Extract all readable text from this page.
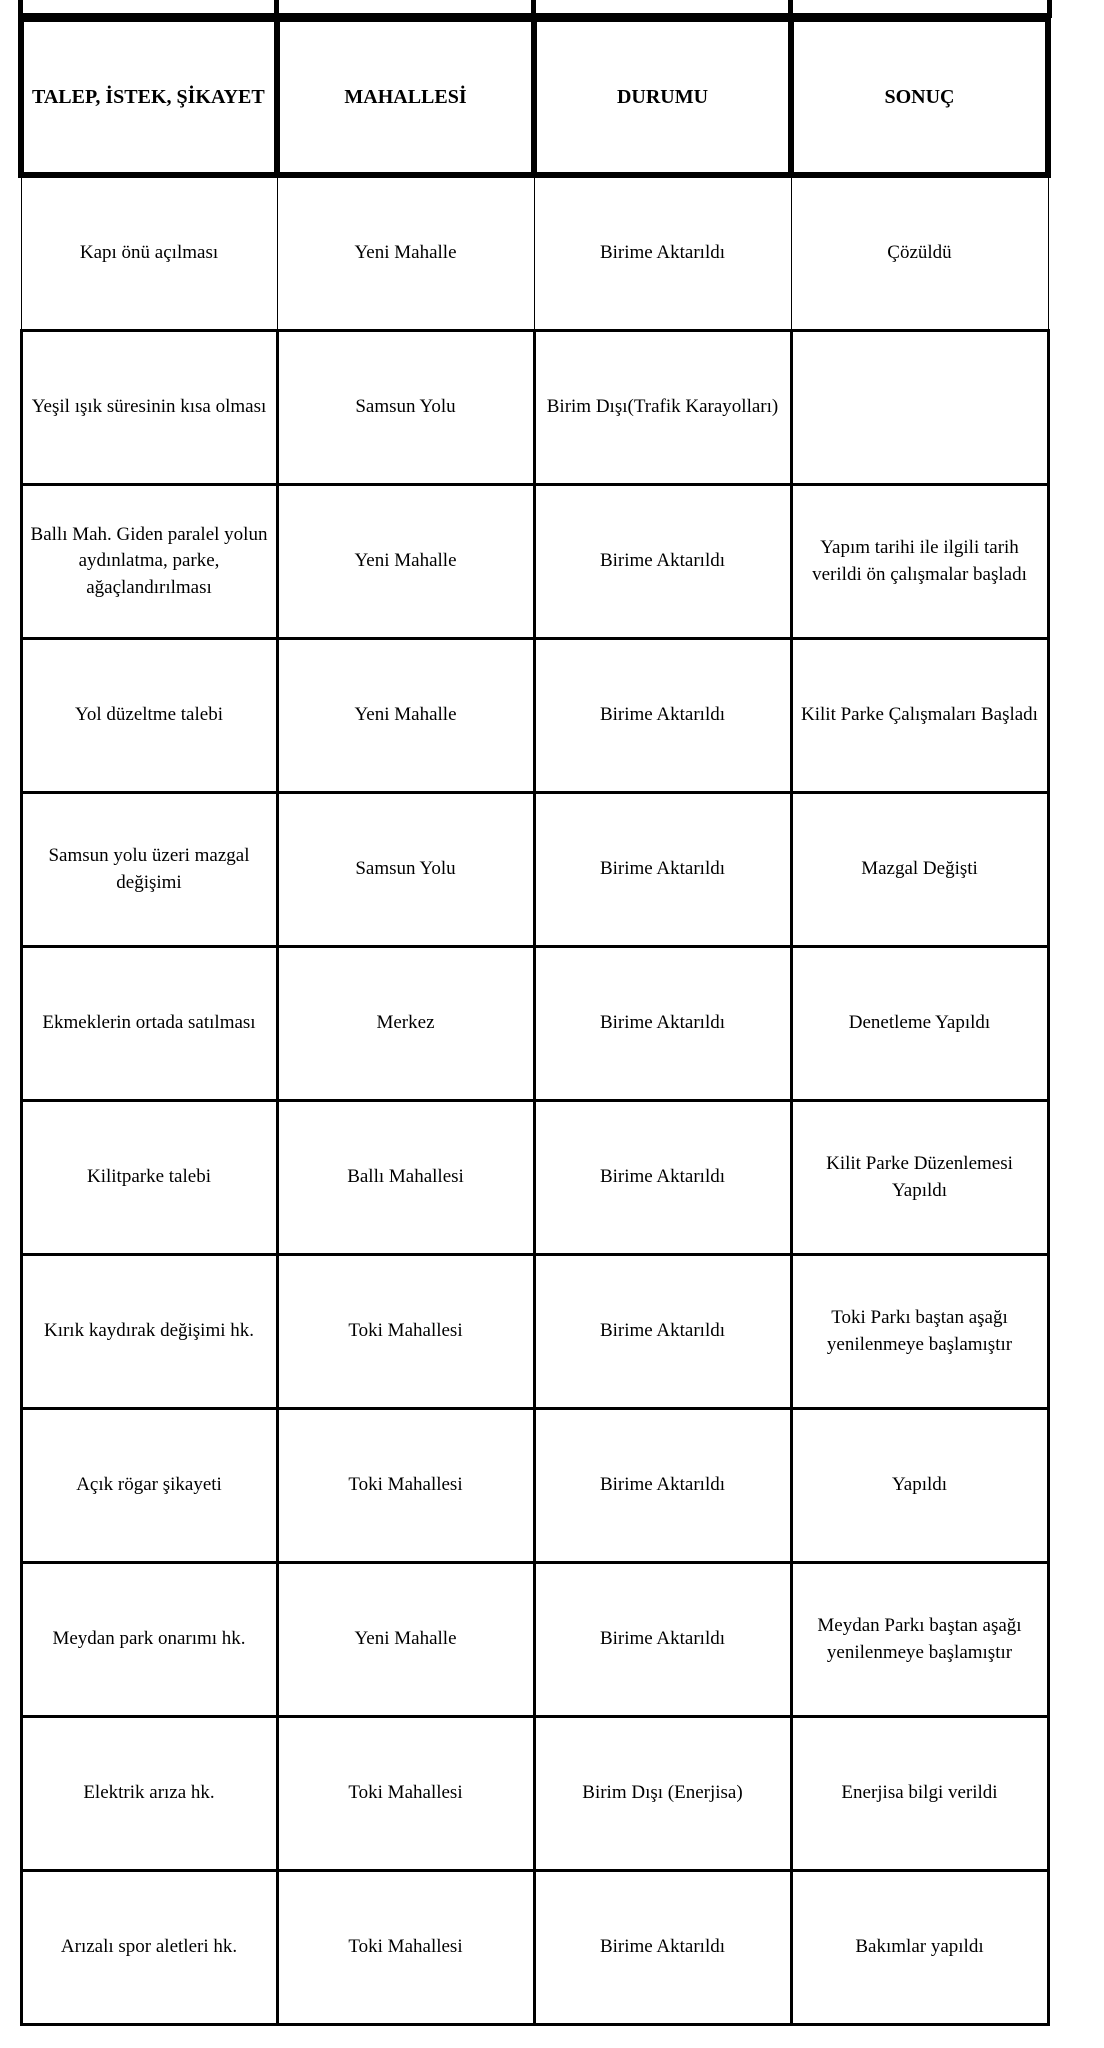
TALEP, İSTEK, ŞİKAYET	MAHALLESİ	DURUMU	SONUÇ
Kapı önü açılması	Yeni Mahalle	Birime Aktarıldı	Çözüldü
Yeşil ışık süresinin kısa olması	Samsun Yolu	Birim Dışı(Trafik Karayolları)	
Ballı Mah. Giden paralel yolun aydınlatma, parke, ağaçlandırılması	Yeni Mahalle	Birime Aktarıldı	Yapım tarihi ile ilgili tarih verildi ön çalışmalar başladı
Yol düzeltme talebi	Yeni Mahalle	Birime Aktarıldı	Kilit Parke Çalışmaları Başladı
Samsun yolu üzeri mazgal değişimi	Samsun Yolu	Birime Aktarıldı	Mazgal Değişti
Ekmeklerin ortada satılması	Merkez	Birime Aktarıldı	Denetleme Yapıldı
Kilitparke talebi	Ballı Mahallesi	Birime Aktarıldı	Kilit Parke Düzenlemesi Yapıldı
Kırık kaydırak değişimi hk.	Toki Mahallesi	Birime Aktarıldı	Toki Parkı baştan aşağı yenilenmeye başlamıştır
Açık rögar şikayeti	Toki Mahallesi	Birime Aktarıldı	Yapıldı
Meydan park onarımı hk.	Yeni Mahalle	Birime Aktarıldı	Meydan Parkı baştan aşağı yenilenmeye başlamıştır
Elektrik arıza hk.	Toki Mahallesi	Birim Dışı (Enerjisa)	Enerjisa bilgi verildi
Arızalı spor aletleri hk.	Toki Mahallesi	Birime Aktarıldı	Bakımlar yapıldı
